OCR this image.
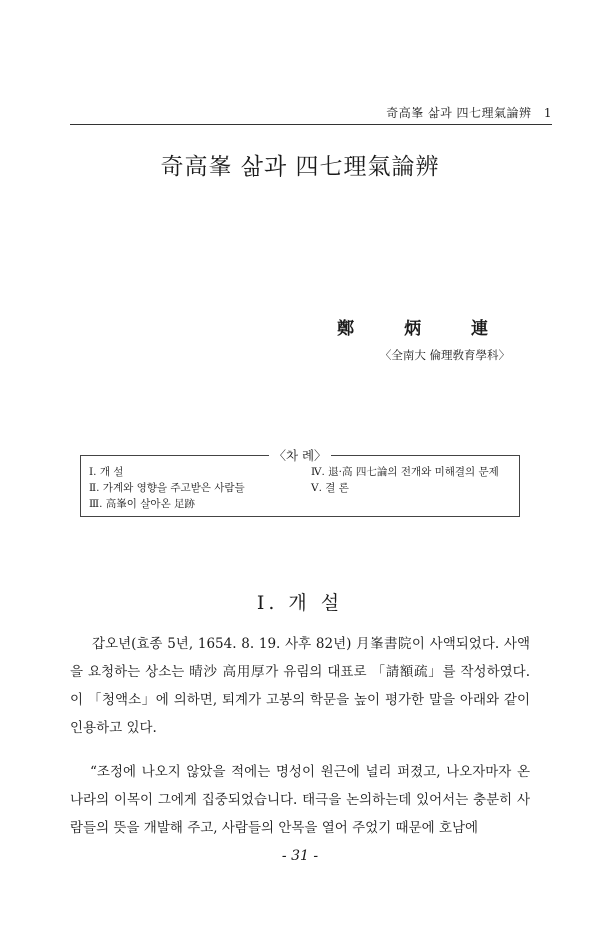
奇高峯 삶과 四七理氣論辨 1
奇高峯 삶과 四七理氣論辨
鄭 炳 連
〈全南大 倫理敎育學科〉
Ⅰ. 개 설
Ⅱ. 가계와 영향을 주고받은 사람들
Ⅲ. 高峯이 살아온 足跡
Ⅳ. 退·高 四七論의 전개와 미해결의 문제
Ⅴ. 결 론
〈차 례〉
Ⅰ. 개 설
갑오년(효종 5년, 1654. 8. 19. 사후 82년) 月峯書院이 사액되었다. 사액을 요청하는 상소는 晴沙 高用厚가 유림의 대표로 「請額疏」를 작성하였다. 이 「청액소」에 의하면, 퇴계가 고봉의 학문을 높이 평가한 말을 아래와 같이 인용하고 있다.
“조정에 나오지 않았을 적에는 명성이 원근에 널리 퍼졌고, 나오자마자 온 나라의 이목이 그에게 집중되었습니다. 태극을 논의하는데 있어서는 충분히 사람들의 뜻을 개발해 주고, 사람들의 안목을 열어 주었기 때문에 호남에
- 31 -
